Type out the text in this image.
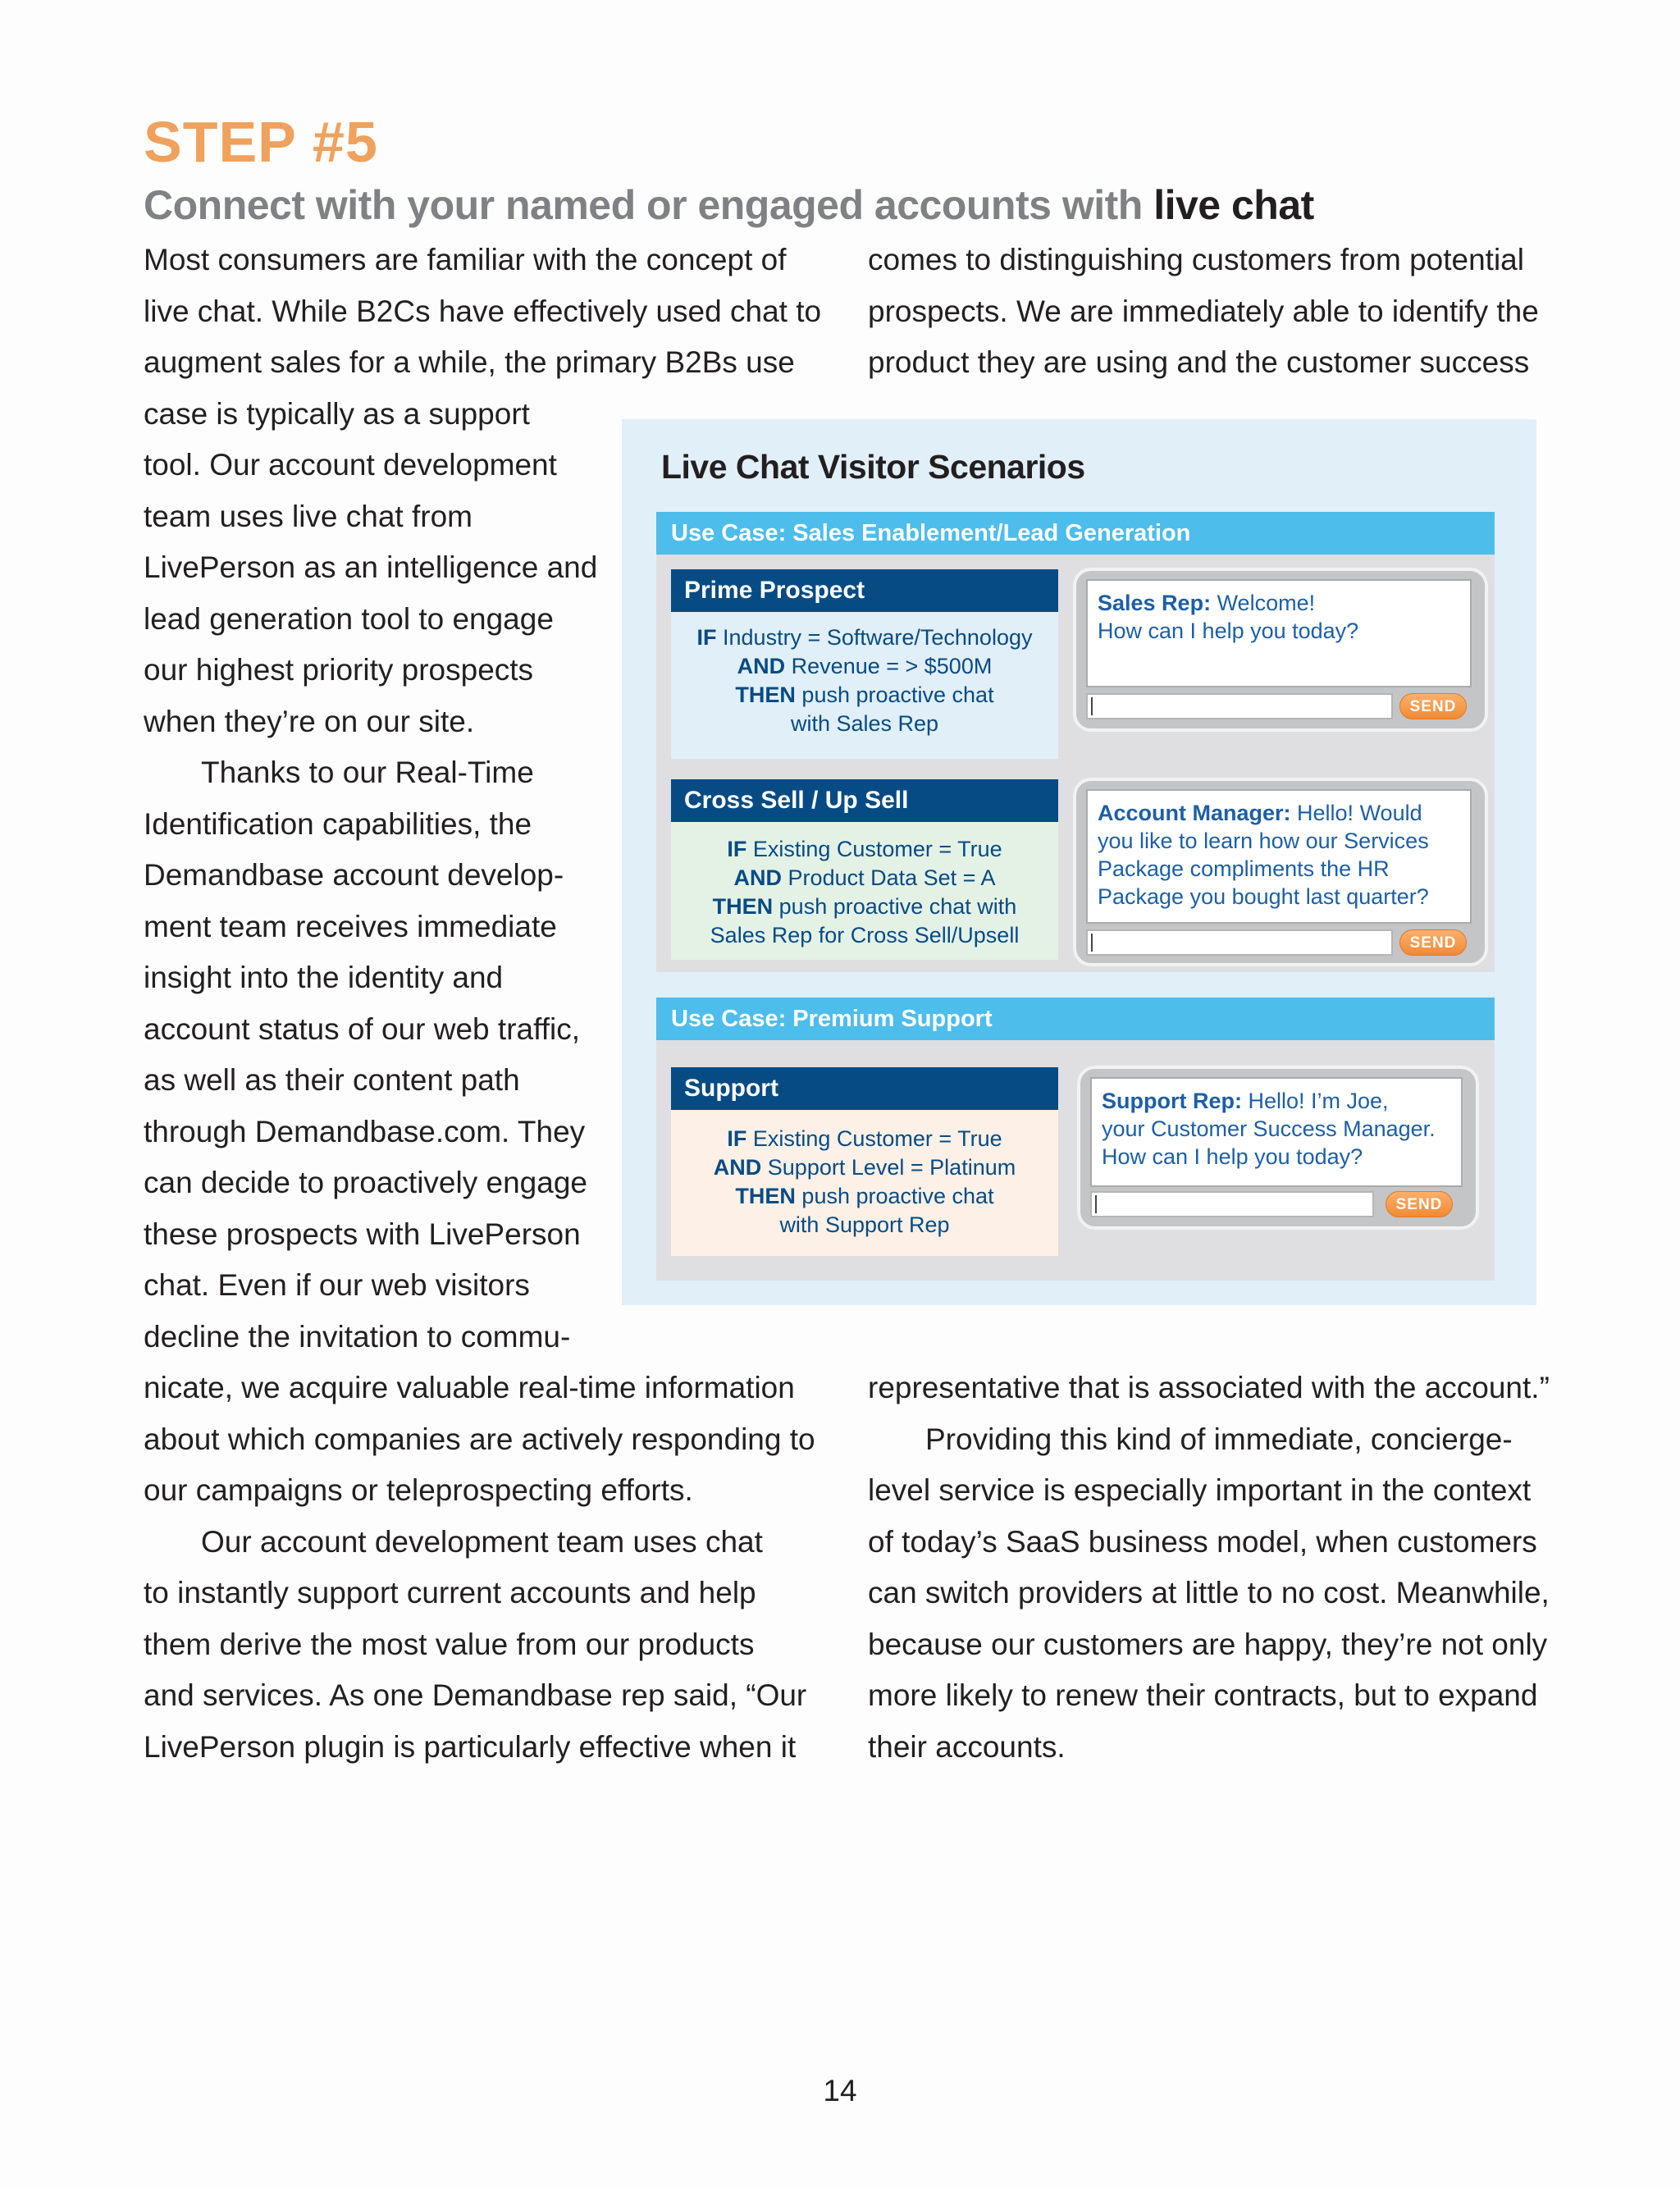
STEP #5
Connect with your named or engaged accounts with live chat
Most consumers are familiar with the concept of
live chat. While B2Cs have effectively used chat to
augment sales for a while, the primary B2Bs use
case is typically as a support
tool. Our account development
team uses live chat from
LivePerson as an intelligence and
lead generation tool to engage
our highest priority prospects
when they’re on our site.
Thanks to our Real-Time
Identification capabilities, the
Demandbase account develop-
ment team receives immediate
insight into the identity and
account status of our web traffic,
as well as their content path
through Demandbase.com. They
can decide to proactively engage
these prospects with LivePerson
chat. Even if our web visitors
decline the invitation to commu-
nicate, we acquire valuable real-time information
about which companies are actively responding to
our campaigns or teleprospecting efforts.
Our account development team uses chat
to instantly support current accounts and help
them derive the most value from our products
and services. As one Demandbase rep said, “Our
LivePerson plugin is particularly effective when it
comes to distinguishing customers from potential
prospects. We are immediately able to identify the
product they are using and the customer success
representative that is associated with the account.”
Providing this kind of immediate, concierge-
level service is especially important in the context
of today’s SaaS business model, when customers
can switch providers at little to no cost. Meanwhile,
because our customers are happy, they’re not only
more likely to renew their contracts, but to expand
their accounts.
Live Chat Visitor Scenarios
Use Case: Sales Enablement/Lead Generation
Prime Prospect
IF Industry = Software/Technology
AND Revenue = > $500M
THEN push proactive chat
with Sales Rep
Sales Rep: Welcome!
How can I help you today?
SEND
Cross Sell / Up Sell
IF Existing Customer = True
AND Product Data Set = A
THEN push proactive chat with
Sales Rep for Cross Sell/Upsell
Account Manager: Hello! Would
you like to learn how our Services
Package compliments the HR
Package you bought last quarter?
SEND
Use Case: Premium Support
Support
IF Existing Customer = True
AND Support Level = Platinum
THEN push proactive chat
with Support Rep
Support Rep: Hello! I’m Joe,
your Customer Success Manager.
How can I help you today?
SEND
14
